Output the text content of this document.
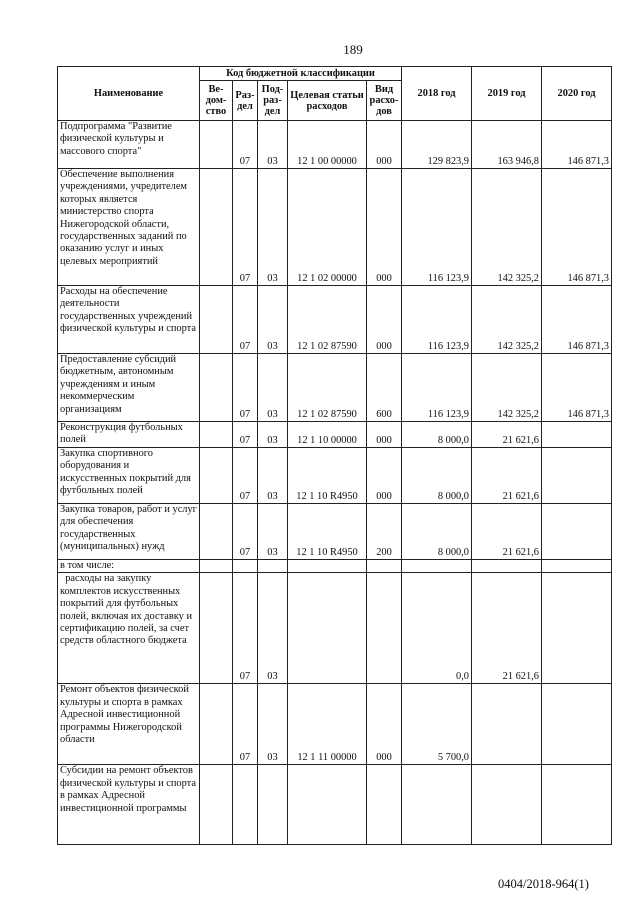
189
Наименование	Код бюджетной классификации					2018 год	2019 год	2020 год
	Ве-дом-ство	Раз-дел	Под-раз-дел	Целевая статьи расходов	Вид расхо-дов			
Подпрограмма "Развитие физической культуры и массового спорта"		07	03	12 1 00 00000	000	129 823,9	163 946,8	146 871,3
Обеспечение выполнения учреждениями, учредителем которых является министерство спорта Нижегородской области, государственных заданий по оказанию услуг и иных целевых мероприятий		07	03	12 1 02 00000	000	116 123,9	142 325,2	146 871,3
Расходы на обеспечение деятельности государственных учреждений физической культуры и спорта		07	03	12 1 02 87590	000	116 123,9	142 325,2	146 871,3
Предоставление субсидий бюджетным, автономным учреждениям и иным некоммерческим организациям		07	03	12 1 02 87590	600	116 123,9	142 325,2	146 871,3
Реконструкция футбольных полей		07	03	12 1 10 00000	000	8 000,0	21 621,6	
Закупка спортивного оборудования и искусственных покрытий для футбольных полей		07	03	12 1 10 R4950	000	8 000,0	21 621,6	
Закупка товаров, работ и услуг для обеспечения государственных (муниципальных) нужд		07	03	12 1 10 R4950	200	8 000,0	21 621,6	
в том числе:								
расходы на закупку комплектов искусственных покрытий для футбольных полей, включая их доставку и сертификацию полей, за счет средств областного бюджета		07	03			0,0	21 621,6	
Ремонт объектов физической культуры и спорта в рамках Адресной инвестиционной программы Нижегородской области		07	03	12 1 11 00000	000	5 700,0		
Субсидии на ремонт объектов физической культуры и спорта в рамках Адресной инвестиционной программы								
0404/2018-964(1)
